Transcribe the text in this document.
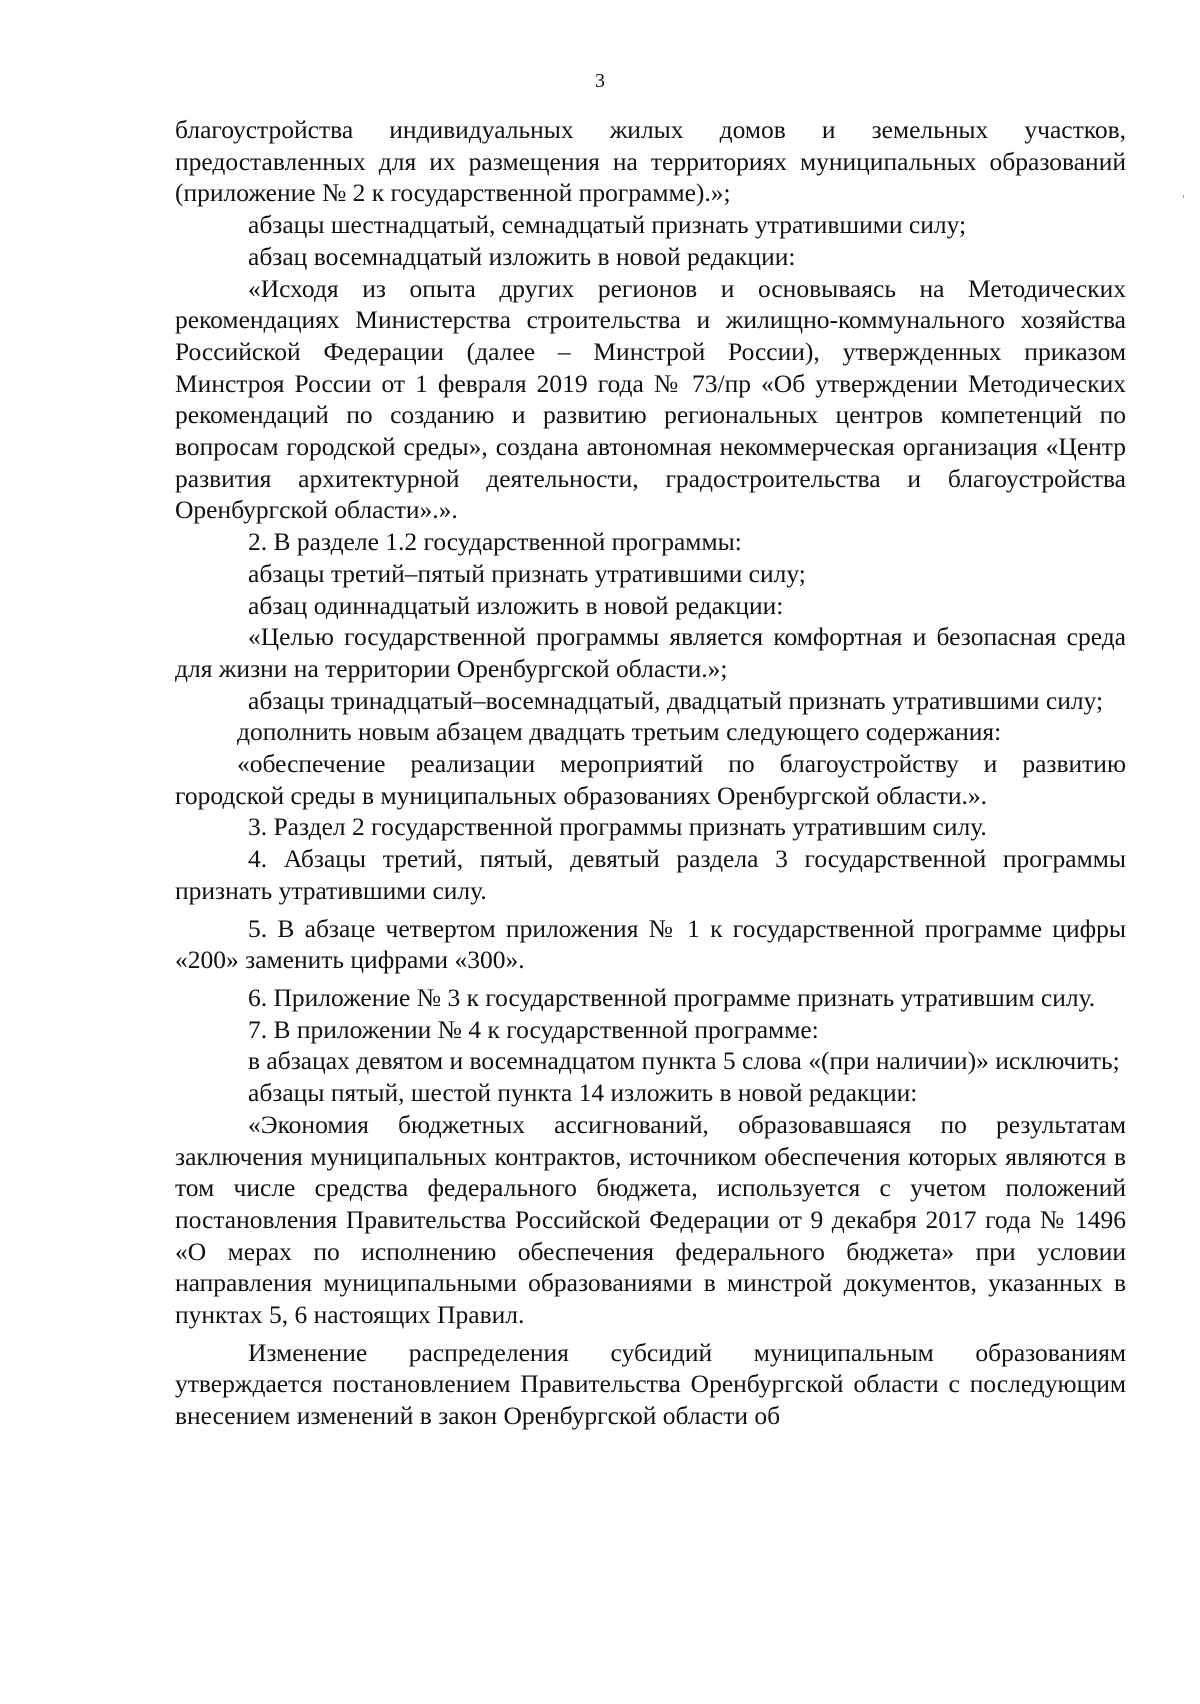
3

благоустройства индивидуальных жилых домов и земельных участков, предоставленных для их размещения на территориях муниципальных образований (приложение № 2 к государственной программе).»;

абзацы шестнадцатый, семнадцатый признать утратившими силу;

абзац восемнадцатый изложить в новой редакции:

«Исходя из опыта других регионов и основываясь на Методических рекомендациях Министерства строительства и жилищно-коммунального хозяйства Российской Федерации (далее – Минстрой России), утвержденных приказом Минстроя России от 1 февраля 2019 года № 73/пр «Об утверждении Методических рекомендаций по созданию и развитию региональных центров компетенций по вопросам городской среды», создана автономная некоммерческая организация «Центр развития архитектурной деятельности, градостроительства и благоустройства Оренбургской области».».

2. В разделе 1.2 государственной программы:

абзацы третий–пятый признать утратившими силу;

абзац одиннадцатый изложить в новой редакции:

«Целью государственной программы является комфортная и безопасная среда для жизни на территории Оренбургской области.»;

абзацы тринадцатый–восемнадцатый, двадцатый признать утратившими силу;

дополнить новым абзацем двадцать третьим следующего содержания:

«обеспечение реализации мероприятий по благоустройству и развитию городской среды в муниципальных образованиях Оренбургской области.».

3. Раздел 2 государственной программы признать утратившим силу.

4. Абзацы третий, пятый, девятый раздела 3 государственной программы признать утратившими силу.

5. В абзаце четвертом приложения № 1 к государственной программе цифры «200» заменить цифрами «300».

6. Приложение № 3 к государственной программе признать утратившим силу.

7. В приложении № 4 к государственной программе:

в абзацах девятом и восемнадцатом пункта 5 слова «(при наличии)» исключить;

абзацы пятый, шестой пункта 14 изложить в новой редакции:

«Экономия бюджетных ассигнований, образовавшаяся по результатам заключения муниципальных контрактов, источником обеспечения которых являются в том числе средства федерального бюджета, используется с учетом положений постановления Правительства Российской Федерации от 9 декабря 2017 года № 1496 «О мерах по исполнению обеспечения федерального бюджета» при условии направления муниципальными образованиями в минстрой документов, указанных в пунктах 5, 6 настоящих Правил.

Изменение распределения субсидий муниципальным образованиям утверждается постановлением Правительства Оренбургской области с последующим внесением изменений в закон Оренбургской области об
